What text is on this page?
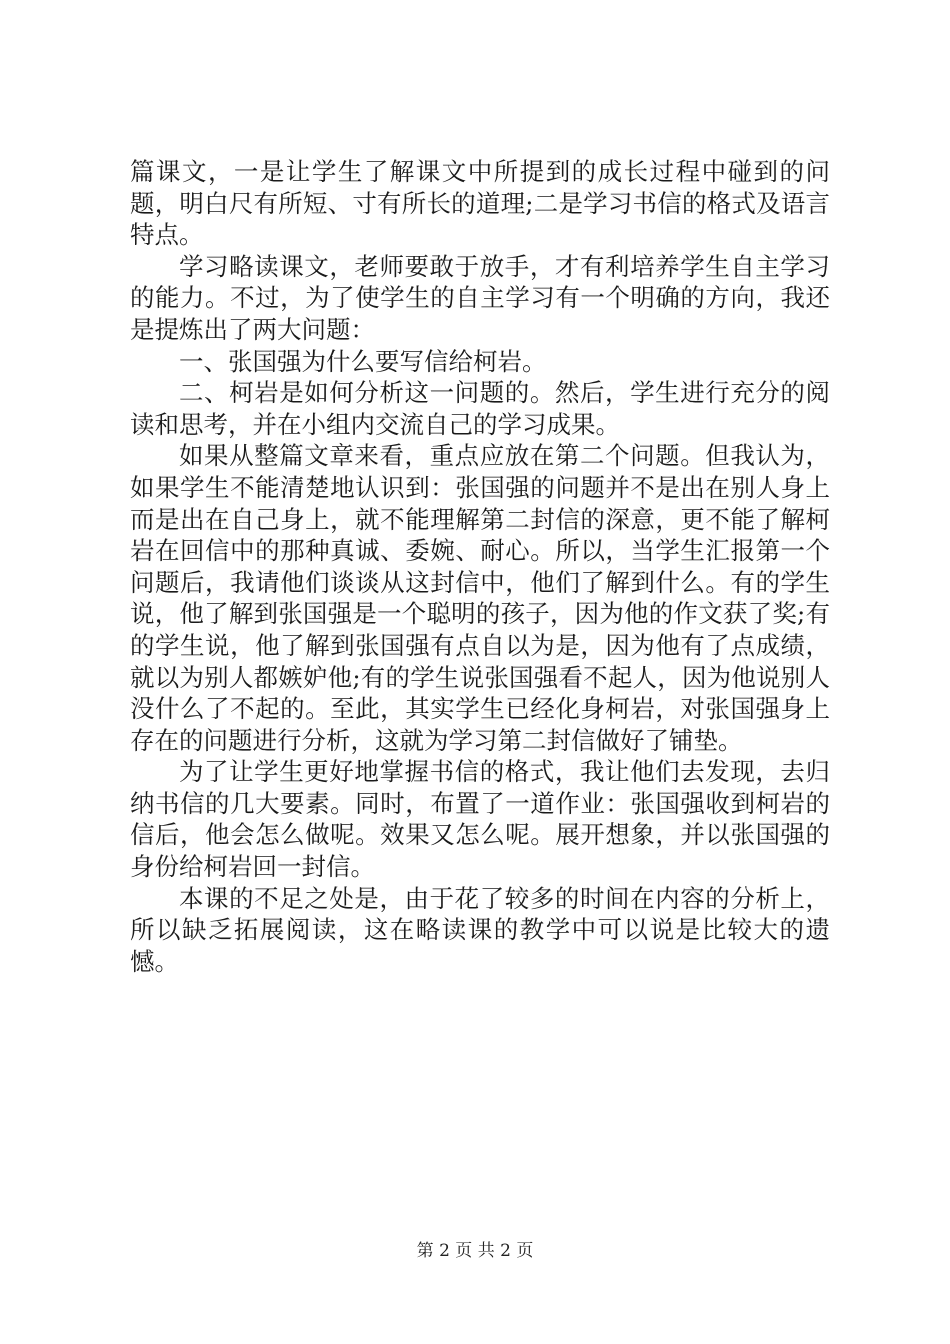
篇课文，一是让学生了解课文中所提到的成长过程中碰到的问题，明白尺有所短、寸有所长的道理;二是学习书信的格式及语言特点。

学习略读课文，老师要敢于放手，才有利培养学生自主学习的能力。不过，为了使学生的自主学习有一个明确的方向，我还是提炼出了两大问题：

一、张国强为什么要写信给柯岩。

二、柯岩是如何分析这一问题的。然后，学生进行充分的阅读和思考，并在小组内交流自己的学习成果。

如果从整篇文章来看，重点应放在第二个问题。但我认为，如果学生不能清楚地认识到：张国强的问题并不是出在别人身上而是出在自己身上，就不能理解第二封信的深意，更不能了解柯岩在回信中的那种真诚、委婉、耐心。所以，当学生汇报第一个问题后，我请他们谈谈从这封信中，他们了解到什么。有的学生说，他了解到张国强是一个聪明的孩子，因为他的作文获了奖;有的学生说，他了解到张国强有点自以为是，因为他有了点成绩，就以为别人都嫉妒他;有的学生说张国强看不起人，因为他说别人没什么了不起的。至此，其实学生已经化身柯岩，对张国强身上存在的问题进行分析，这就为学习第二封信做好了铺垫。

为了让学生更好地掌握书信的格式，我让他们去发现，去归纳书信的几大要素。同时，布置了一道作业：张国强收到柯岩的信后，他会怎么做呢。效果又怎么呢。展开想象，并以张国强的身份给柯岩回一封信。

本课的不足之处是，由于花了较多的时间在内容的分析上，所以缺乏拓展阅读，这在略读课的教学中可以说是比较大的遗憾。

第 2 页 共 2 页
